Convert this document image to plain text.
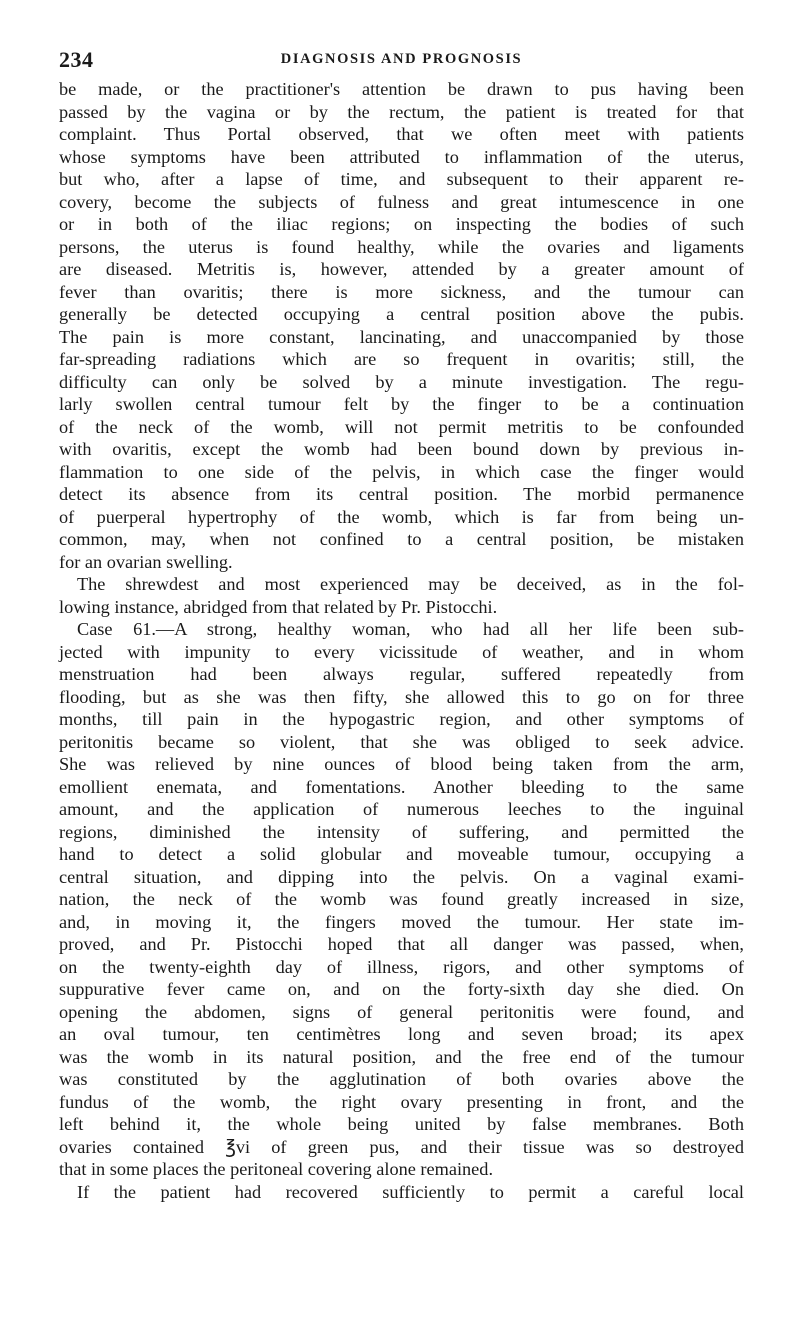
234	DIAGNOSIS AND PROGNOSIS
be made, or the practitioner's attention be drawn to pus having been
passed by the vagina or by the rectum, the patient is treated for that
complaint. Thus Portal observed, that we often meet with patients
whose symptoms have been attributed to inflammation of the uterus,
but who, after a lapse of time, and subsequent to their apparent re-
covery, become the subjects of fulness and great intumescence in one
or in both of the iliac regions; on inspecting the bodies of such
persons, the uterus is found healthy, while the ovaries and ligaments
are diseased. Metritis is, however, attended by a greater amount of
fever than ovaritis; there is more sickness, and the tumour can
generally be detected occupying a central position above the pubis.
The pain is more constant, lancinating, and unaccompanied by those
far-spreading radiations which are so frequent in ovaritis; still, the
difficulty can only be solved by a minute investigation. The regu-
larly swollen central tumour felt by the finger to be a continuation
of the neck of the womb, will not permit metritis to be confounded
with ovaritis, except the womb had been bound down by previous in-
flammation to one side of the pelvis, in which case the finger would
detect its absence from its central position. The morbid permanence
of puerperal hypertrophy of the womb, which is far from being un-
common, may, when not confined to a central position, be mistaken
for an ovarian swelling.
The shrewdest and most experienced may be deceived, as in the fol-
lowing instance, abridged from that related by Pr. Pistocchi.
Case 61.—A strong, healthy woman, who had all her life been sub-
jected with impunity to every vicissitude of weather, and in whom
menstruation had been always regular, suffered repeatedly from
flooding, but as she was then fifty, she allowed this to go on for three
months, till pain in the hypogastric region, and other symptoms of
peritonitis became so violent, that she was obliged to seek advice.
She was relieved by nine ounces of blood being taken from the arm,
emollient enemata, and fomentations. Another bleeding to the same
amount, and the application of numerous leeches to the inguinal
regions, diminished the intensity of suffering, and permitted the
hand to detect a solid globular and moveable tumour, occupying a
central situation, and dipping into the pelvis. On a vaginal exami-
nation, the neck of the womb was found greatly increased in size,
and, in moving it, the fingers moved the tumour. Her state im-
proved, and Pr. Pistocchi hoped that all danger was passed, when,
on the twenty-eighth day of illness, rigors, and other symptoms of
suppurative fever came on, and on the forty-sixth day she died. On
opening the abdomen, signs of general peritonitis were found, and
an oval tumour, ten centimètres long and seven broad; its apex
was the womb in its natural position, and the free end of the tumour
was constituted by the agglutination of both ovaries above the
fundus of the womb, the right ovary presenting in front, and the
left behind it, the whole being united by false membranes. Both
ovaries contained ℥vi of green pus, and their tissue was so destroyed
that in some places the peritoneal covering alone remained.
If the patient had recovered sufficiently to permit a careful local
